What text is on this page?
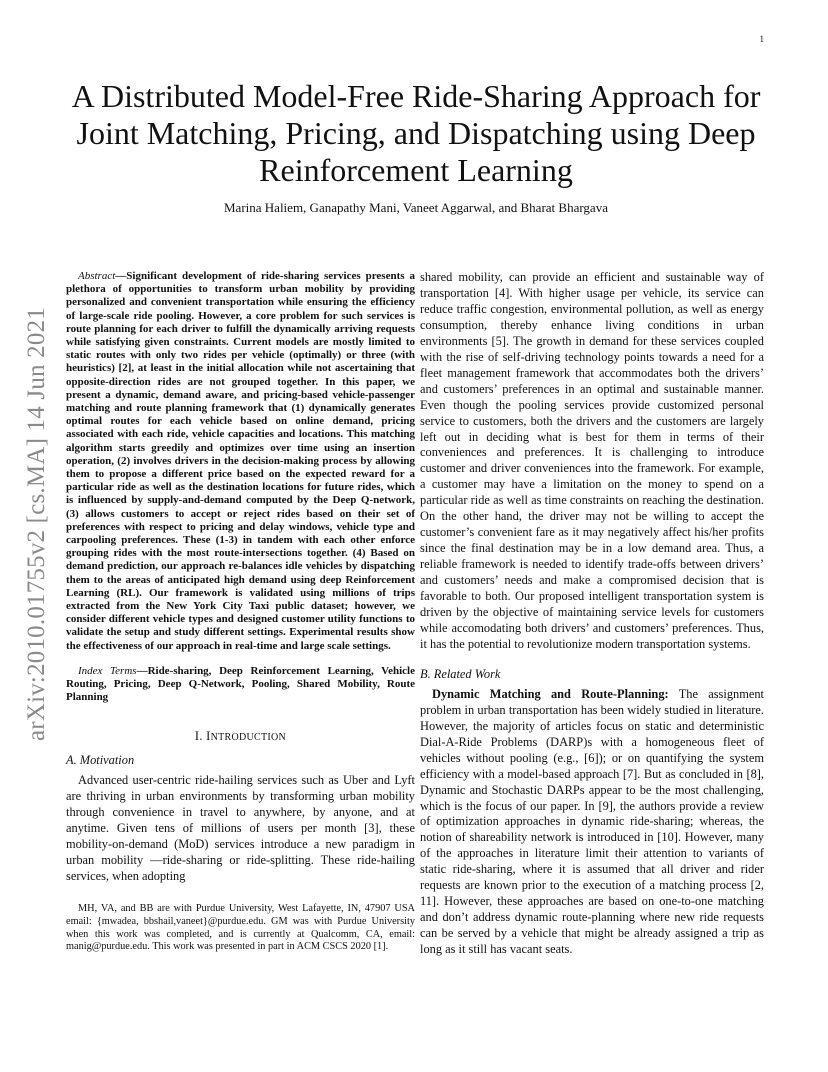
1
arXiv:2010.01755v2 [cs.MA] 14 Jun 2021
A Distributed Model-Free Ride-Sharing Approach for Joint Matching, Pricing, and Dispatching using Deep Reinforcement Learning
Marina Haliem, Ganapathy Mani, Vaneet Aggarwal, and Bharat Bhargava

Abstract—Significant development of ride-sharing services presents a plethora of opportunities to transform urban mobility by providing personalized and convenient transportation while ensuring the efficiency of large-scale ride pooling. However, a core problem for such services is route planning for each driver to fulfill the dynamically arriving requests while satisfying given constraints. Current models are mostly limited to static routes with only two rides per vehicle (optimally) or three (with heuristics) [2], at least in the initial allocation while not ascertaining that opposite-direction rides are not grouped together. In this paper, we present a dynamic, demand aware, and pricing-based vehicle-passenger matching and route planning framework that (1) dynamically generates optimal routes for each vehicle based on online demand, pricing associated with each ride, vehicle capacities and locations. This matching algorithm starts greedily and optimizes over time using an insertion operation, (2) involves drivers in the decision-making process by allowing them to propose a different price based on the expected reward for a particular ride as well as the destination locations for future rides, which is influenced by supply-and-demand computed by the Deep Q-network, (3) allows customers to accept or reject rides based on their set of preferences with respect to pricing and delay windows, vehicle type and carpooling preferences. These (1-3) in tandem with each other enforce grouping rides with the most route-intersections together. (4) Based on demand prediction, our approach re-balances idle vehicles by dispatching them to the areas of anticipated high demand using deep Reinforcement Learning (RL). Our framework is validated using millions of trips extracted from the New York City Taxi public dataset; however, we consider different vehicle types and designed customer utility functions to validate the setup and study different settings. Experimental results show the effectiveness of our approach in real-time and large scale settings.

Index Terms—Ride-sharing, Deep Reinforcement Learning, Vehicle Routing, Pricing, Deep Q-Network, Pooling, Shared Mobility, Route Planning

I. INTRODUCTION

A. Motivation

Advanced user-centric ride-hailing services such as Uber and Lyft are thriving in urban environments by transforming urban mobility through convenience in travel to anywhere, by anyone, and at anytime. Given tens of millions of users per month [3], these mobility-on-demand (MoD) services introduce a new paradigm in urban mobility —ride-sharing or ride-splitting. These ride-hailing services, when adopting

MH, VA, and BB are with Purdue University, West Lafayette, IN, 47907 USA email: {mwadea, bbshail,vaneet}@purdue.edu. GM was with Purdue University when this work was completed, and is currently at Qualcomm, CA, email: manig@purdue.edu. This work was presented in part in ACM CSCS 2020 [1].

shared mobility, can provide an efficient and sustainable way of transportation [4]. With higher usage per vehicle, its service can reduce traffic congestion, environmental pollution, as well as energy consumption, thereby enhance living conditions in urban environments [5]. The growth in demand for these services coupled with the rise of self-driving technology points towards a need for a fleet management framework that accommodates both the drivers’ and customers’ preferences in an optimal and sustainable manner. Even though the pooling services provide customized personal service to customers, both the drivers and the customers are largely left out in deciding what is best for them in terms of their conveniences and preferences. It is challenging to introduce customer and driver conveniences into the framework. For example, a customer may have a limitation on the money to spend on a particular ride as well as time constraints on reaching the destination. On the other hand, the driver may not be willing to accept the customer’s convenient fare as it may negatively affect his/her profits since the final destination may be in a low demand area. Thus, a reliable framework is needed to identify trade-offs between drivers’ and customers’ needs and make a compromised decision that is favorable to both. Our proposed intelligent transportation system is driven by the objective of maintaining service levels for customers while accomodating both drivers’ and customers’ preferences. Thus, it has the potential to revolutionize modern transportation systems.

B. Related Work

Dynamic Matching and Route-Planning: The assignment problem in urban transportation has been widely studied in literature. However, the majority of articles focus on static and deterministic Dial-A-Ride Problems (DARP)s with a homogeneous fleet of vehicles without pooling (e.g., [6]); or on quantifying the system efficiency with a model-based approach [7]. But as concluded in [8], Dynamic and Stochastic DARPs appear to be the most challenging, which is the focus of our paper. In [9], the authors provide a review of optimization approaches in dynamic ride-sharing; whereas, the notion of shareability network is introduced in [10]. However, many of the approaches in literature limit their attention to variants of static ride-sharing, where it is assumed that all driver and rider requests are known prior to the execution of a matching process [2, 11]. However, these approaches are based on one-to-one matching and don’t address dynamic route-planning where new ride requests can be served by a vehicle that might be already assigned a trip as long as it still has vacant seats.
